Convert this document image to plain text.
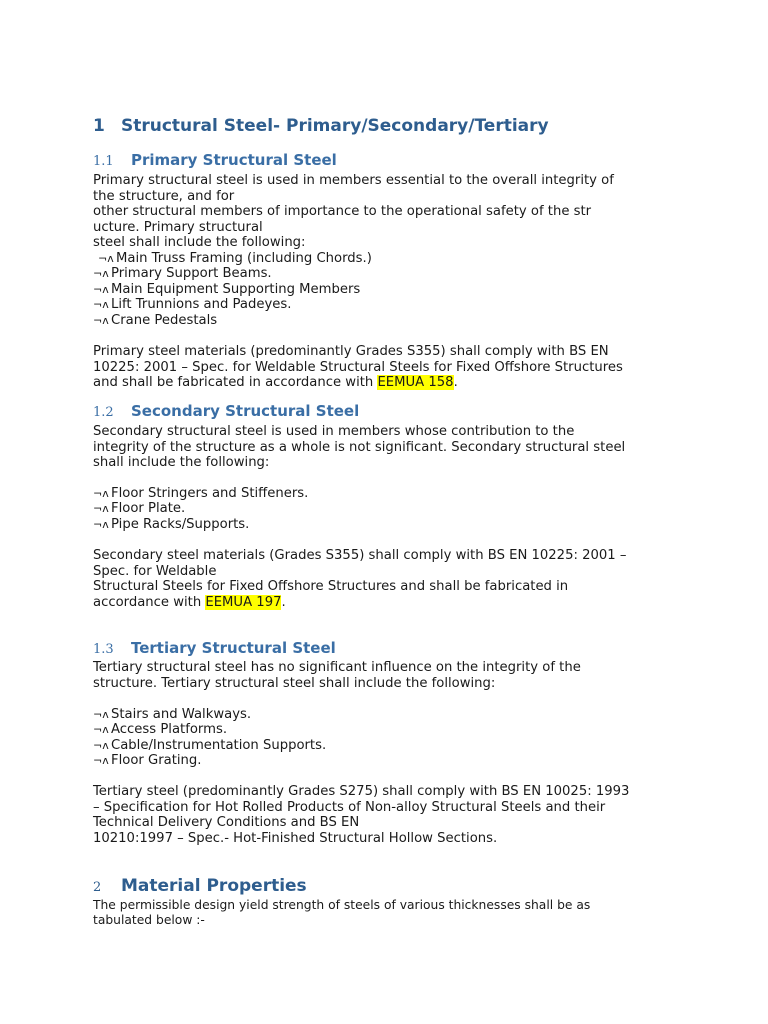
1 Structural Steel- Primary/Secondary/Tertiary
1.1 Primary Structural Steel
Primary structural steel is used in members essential to the overall integrity of
the structure, and for
other structural members of importance to the operational safety of the str
ucture. Primary structural
steel shall include the following:
¬ʌ Main Truss Framing (including Chords.)
¬ʌ Primary Support Beams.
¬ʌ Main Equipment Supporting Members
¬ʌ Lift Trunnions and Padeyes.
¬ʌ Crane Pedestals
Primary steel materials (predominantly Grades S355) shall comply with BS EN
10225: 2001 – Spec. for Weldable Structural Steels for Fixed Offshore Structures
and shall be fabricated in accordance with EEMUA 158.
1.2 Secondary Structural Steel
Secondary structural steel is used in members whose contribution to the
integrity of the structure as a whole is not significant. Secondary structural steel
shall include the following:
¬ʌ Floor Stringers and Stiffeners.
¬ʌ Floor Plate.
¬ʌ Pipe Racks/Supports.
Secondary steel materials (Grades S355) shall comply with BS EN 10225: 2001 –
Spec. for Weldable
Structural Steels for Fixed Offshore Structures and shall be fabricated in
accordance with EEMUA 197.
1.3 Tertiary Structural Steel
Tertiary structural steel has no significant influence on the integrity of the
structure. Tertiary structural steel shall include the following:
¬ʌ Stairs and Walkways.
¬ʌ Access Platforms.
¬ʌ Cable/Instrumentation Supports.
¬ʌ Floor Grating.
Tertiary steel (predominantly Grades S275) shall comply with BS EN 10025: 1993
– Specification for Hot Rolled Products of Non-alloy Structural Steels and their
Technical Delivery Conditions and BS EN
10210:1997 – Spec.- Hot-Finished Structural Hollow Sections.
2 Material Properties
The permissible design yield strength of steels of various thicknesses shall be as
tabulated below :-
